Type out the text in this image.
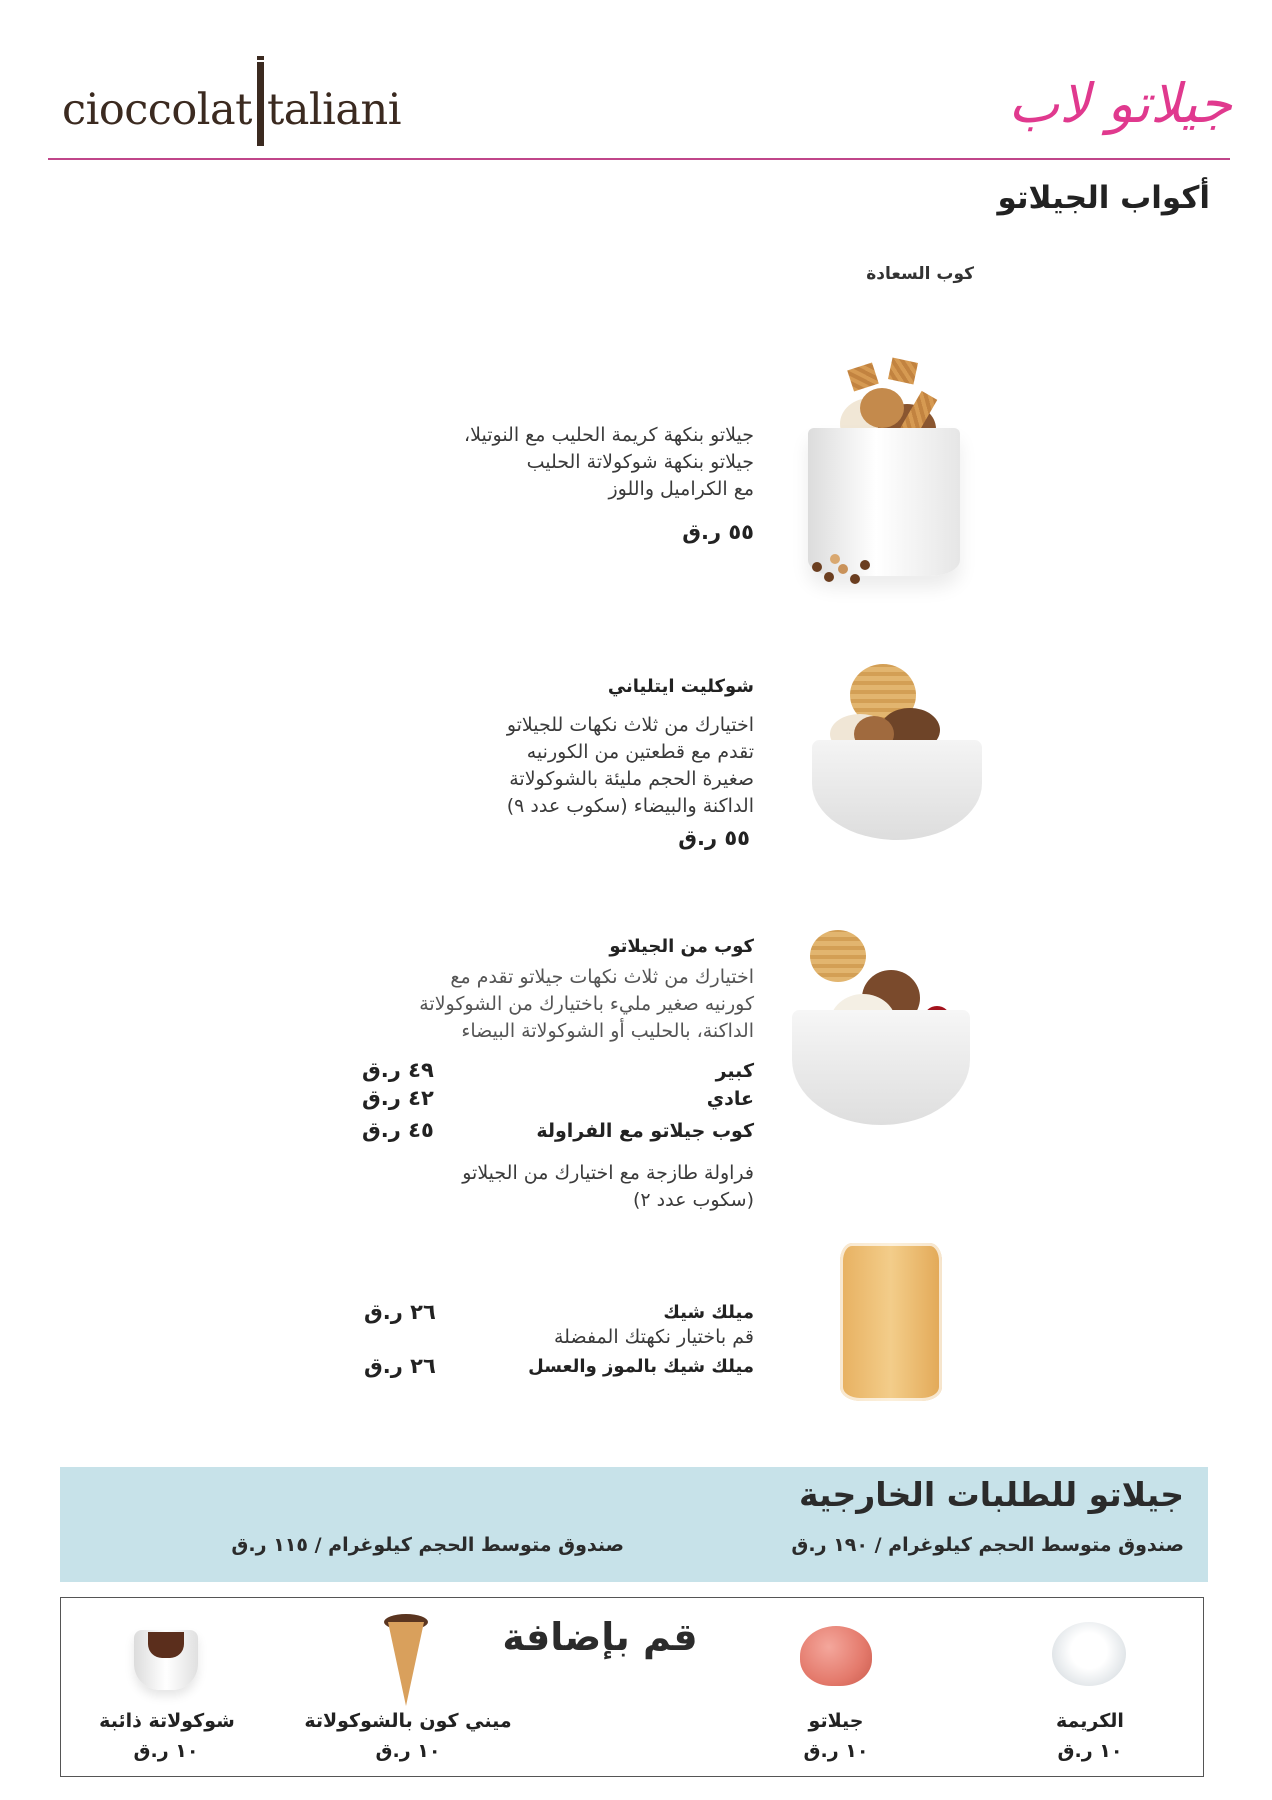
cioccolat taliani	جيلاتو لاب
أكواب الجيلاتو
كوب السعادة
جيلاتو بنكهة كريمة الحليب مع النوتيلا،
جيلاتو بنكهة شوكولاتة الحليب
مع الكراميل واللوز
٥٥ ر.ق
شوكليت ايتلياني
اختيارك من ثلاث نكهات للجيلاتو
تقدم مع قطعتين من الكورنيه
صغيرة الحجم مليئة بالشوكولاتة
الداكنة والبيضاء (سكوب عدد ٩)
٥٥ ر.ق
كوب من الجيلاتو
اختيارك من ثلاث نكهات جيلاتو تقدم مع
كورنيه صغير مليء باختيارك من الشوكولاتة
الداكنة، بالحليب أو الشوكولاتة البيضاء
كبير
٤٩ ر.ق
عادي
٤٢ ر.ق
كوب جيلاتو مع الفراولة
٤٥ ر.ق
فراولة طازجة مع اختيارك من الجيلاتو
(سكوب عدد ٢)
ميلك شيك
٢٦ ر.ق
قم باختيار نكهتك المفضلة
ميلك شيك بالموز والعسل
٢٦ ر.ق
جيلاتو للطلبات الخارجية
صندوق متوسط الحجم كيلوغرام / ١٩٠ ر.ق
صندوق متوسط الحجم كيلوغرام / ١١٥ ر.ق
قم بإضافة
الكريمة
١٠ ر.ق
جيلاتو
١٠ ر.ق
ميني كون بالشوكولاتة
١٠ ر.ق
شوكولاتة ذائبة
١٠ ر.ق
